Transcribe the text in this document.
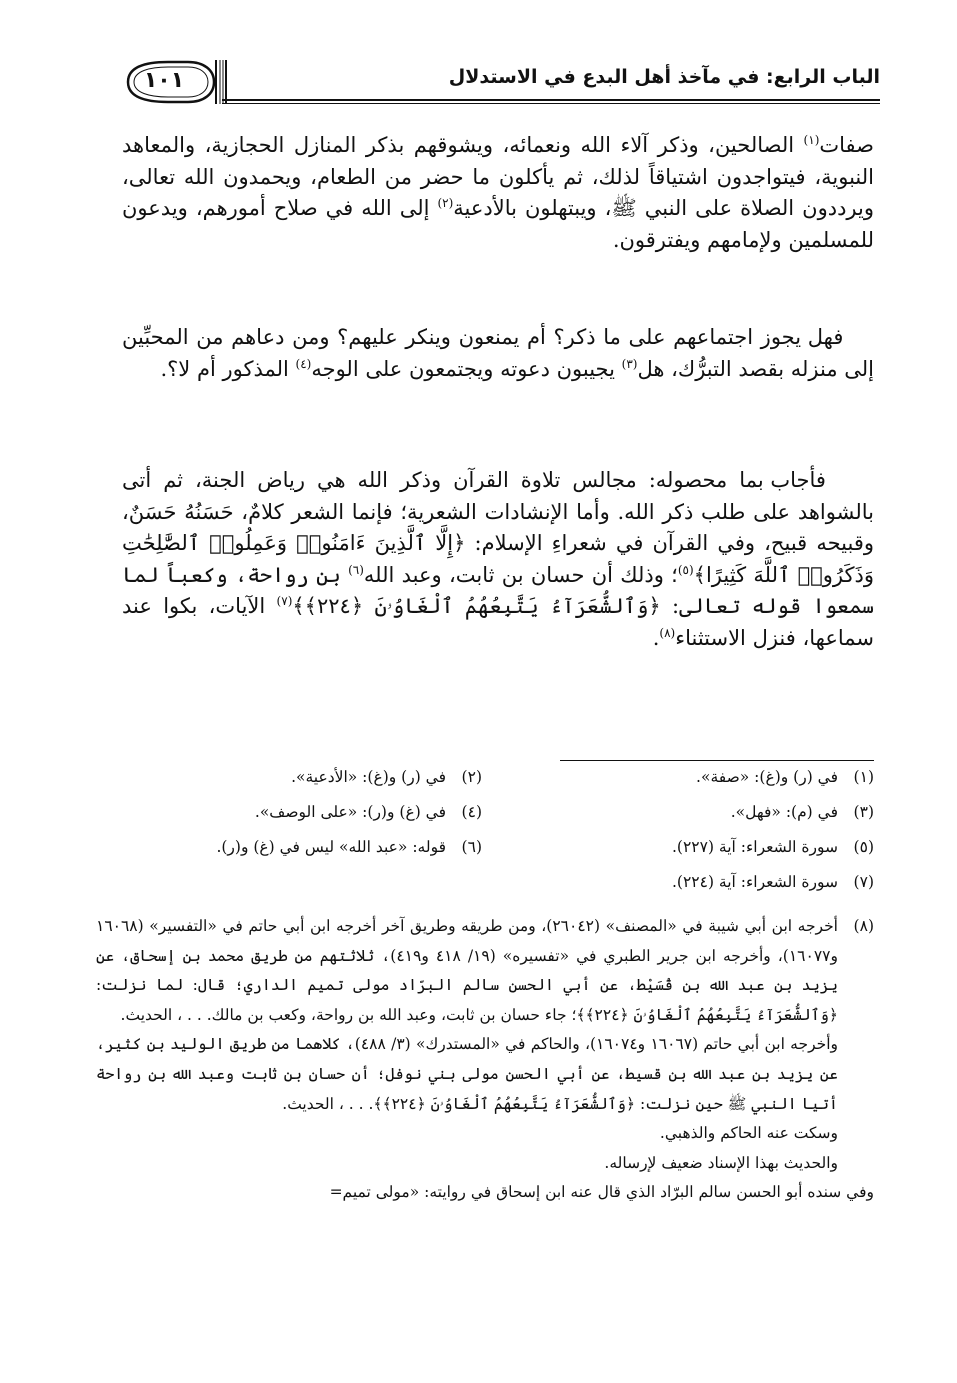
١٠١	الباب الرابع: في مآخذ أهل البدع في الاستدلال

صفات$^{(١)}$ الصالحين، وذكر آلاء الله ونعمائه، ويشوقهم بذكر المنازل الحجازية، والمعاهد النبوية، فيتواجدون اشتياقاً لذلك، ثم يأكلون ما حضر من الطعام، ويحمدون الله تعالى، ويرددون الصلاة على النبي ﷺ، ويبتهلون بالأدعية$^{(٢)}$ إلى الله في صلاح أمورهم، ويدعون للمسلمين ولإمامهم ويفترقون.

فهل يجوز اجتماعهم على ما ذكر؟ أم يمنعون وينكر عليهم؟ ومن دعاهم من المحبِّين إلى منزله بقصد التبرُّك، هل$^{(٣)}$ يجيبون دعوته ويجتمعون على الوجه$^{(٤)}$ المذكور أم لا؟.

فأجاب بما محصوله: مجالس تلاوة القرآن وذكر الله هي رياض الجنة، ثم أتى بالشواهد على طلب ذكر الله. وأما الإنشادات الشعرية؛ فإنما الشعر كلامٌ، حَسَنُهُ حَسَنٌ، وقبيحه قبيح، وفي القرآن في شعراءِ الإسلام: ﴿إِلَّا ٱلَّذِينَ ءَامَنُوا۟ وَعَمِلُوا۟ ٱلصَّٰلِحَٰتِ وَذَكَرُوا۟ ٱللَّهَ كَثِيرًا﴾$^{(٥)}$؛ وذلك أن حسان بن ثابت، وعبد الله$^{(٦)}$ بن رواحة، وكعباً لما سمعوا قوله تعالى: ﴿وَٱلشُّعَرَآءُ يَتَّبِعُهُمُ ٱلْغَاوُۥنَ ﴿٢٢٤﴾﴾$^{(٧)}$ الآيات، بكوا عند سماعها، فنزل الاستثناء$^{(٨)}$.

(١)في (ر) و(غ): «صفة».
(٢)في (ر) و(غ): «الأدعية».
(٣)في (م): «فهل».
(٤)في (غ) و(ر): «على الوصف».
(٥)سورة الشعراء: آية (٢٢٧).
(٦)قوله: «عبد الله» ليس في (غ) و(ر).
(٧)سورة الشعراء: آية (٢٢٤).
(٨)
أخرجه ابن أبي شيبة في «المصنف» (٢٦٠٤٢)، ومن طريقه وطريق آخر أخرجه ابن أبي حاتم في «التفسير» (١٦٠٦٨ و١٦٠٧٧)، وأخرجه ابن جرير الطبري في «تفسيره» (١٩/ ٤١٨ و٤١٩)، ثلاثتهم من طريق محمد بن إسحاق، عن يزيد بن عبد الله بن قُسَيْط، عن أبي الحسن سالم البرّاد مولى تميم الداري؛ قال: لما نزلت: ﴿وَٱلشُّعَرَآءُ يَتَّبِعُهُمُ ٱلْغَاوُۥنَ ﴿٢٢٤﴾﴾؛ جاء حسان بن ثابت، وعبد الله بن رواحة، وكعب بن مالك. . . ، الحديث.
وأخرجه ابن أبي حاتم (١٦٠٦٧ و١٦٠٧٤)، والحاكم في «المستدرك» (٣/ ٤٨٨)، كلاهما من طريق الوليد بن كثير، عن يزيد بن عبد الله بن قسيط، عن أبي الحسن مولى بني نوفل؛ أن حسان بن ثابت وعبد الله بن رواحة أتيا النبي ﷺ حين نزلت: ﴿وَٱلشُّعَرَآءُ يَتَّبِعُهُمُ ٱلْغَاوُۥنَ ﴿٢٢٤﴾﴾. . . ، الحديث.
وسكت عنه الحاكم والذهبي.
والحديث بهذا الإسناد ضعيف لإرساله.
وفي سنده أبو الحسن سالم البرّاد الذي قال عنه ابن إسحاق في روايته: «مولى تميم=
